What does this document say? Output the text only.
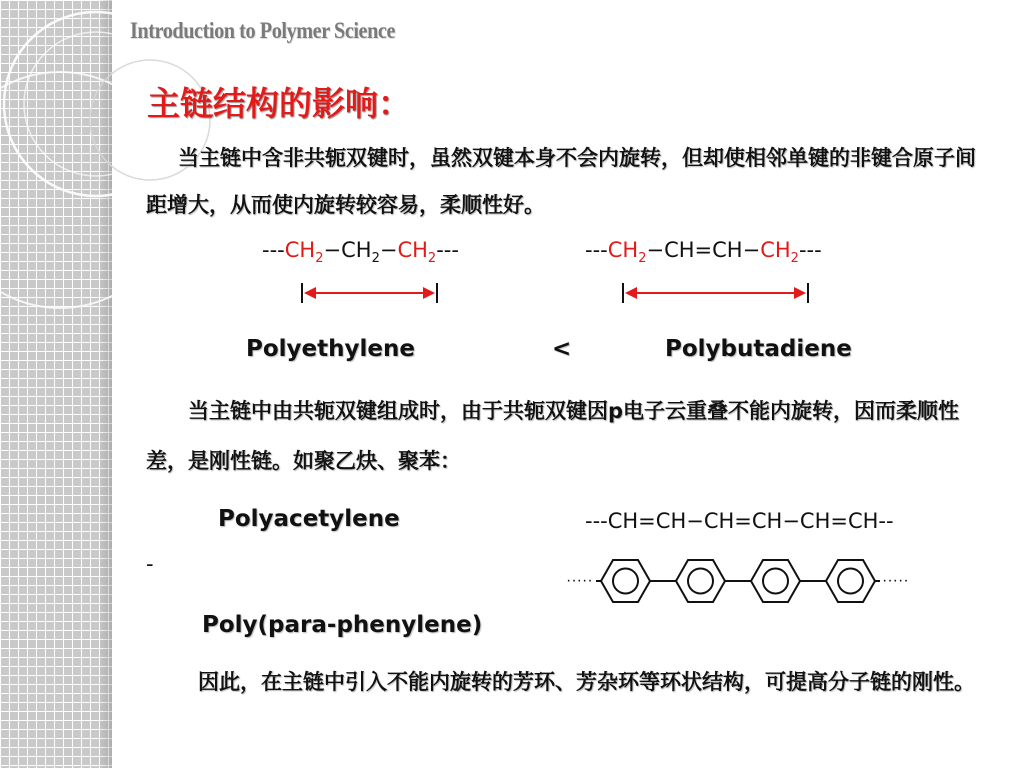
Introduction to Polymer Science
主链结构的影响：
当主链中含非共轭双键时，虽然双键本身不会内旋转，但却使相邻单键的非键合原子间距增大，从而使内旋转较容易，柔顺性好。
$---CH_2-CH_2-CH_2---$	$---CH_2-CH=CH-CH_2---$
Polyethylene	<	Polybutadiene
当主链中由共轭双键组成时，由于共轭双键因p电子云重叠不能内旋转，因而柔顺性差，是刚性链。如聚乙炔、聚苯：
Polyacetylene	---CH=CH−CH=CH−CH=CH--
-
·····	·····
Poly(para-phenylene)
因此，在主链中引入不能内旋转的芳环、芳杂环等环状结构，可提高分子链的刚性。
